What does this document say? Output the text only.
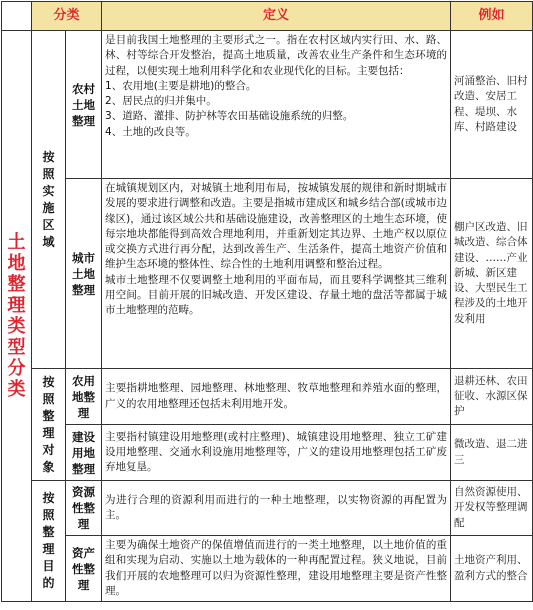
	分类		定义	例如
土地整理类型分类	按照实施区域	农村土地整理	是目前我国土地整理的主要形式之一。指在农村区域内实行田、水、路、林、村等综合开发整治，提高土地质量，改善农业生产条件和生态环境的过程，以便实现土地利用科学化和农业现代化的目标。主要包括：
1、农用地(主要是耕地)的整合。
2、居民点的归并集中。
3、道路、灌排、防护林等农田基础设施系统的归整。
4、土地的改良等。	河涌整治、旧村改造、安居工程、堤坝、水库、村路建设
		城市土地整理	在城镇规划区内，对城镇土地利用布局，按城镇发展的规律和新时期城市发展的要求进行调整和改造。主要是指城市建成区和城乡结合部(或城市边缘区)，通过该区域公共和基础设施建设，改善整理区的土地生态环境，使每宗地块都能得到高效合理地利用，并重新划定其边界、土地产权以原位或交换方式进行再分配，达到改善生产、生活条件，提高土地资产价值和维护生态环境的整体性、综合性的土地利用调整和整治过程。
城市土地整理不仅要调整土地利用的平面布局，而且要科学调整其三维利用空间。目前开展的旧城改造、开发区建设、存量土地的盘活等都属于城市土地整理的范畴。	棚户区改造、旧城改造、综合体建设、……产业新城、新区建设、大型民生工程涉及的土地开发利用
	按照整理对象	农用地整理	主要指耕地整理、园地整理、林地整理、牧草地整理和养殖水面的整理，广义的农用地整理还包括未利用地开发。	退耕还林、农田征收、水源区保护
		建设用地整理	主要指村镇建设用地整理(或村庄整理)、城镇建设用地整理、独立工矿建设用地整理、交通水利设施用地整理等，广义的建设用地整理包括工矿废弃地复垦。	微改造、退二进三
	按照整理目的	资源性整理	为进行合理的资源利用而进行的一种土地整理，以实物资源的再配置为主。	自然资源使用、开发权等整理调配
		资产性整理	主要为确保土地资产的保值增值而进行的一类土地整理，以土地价值的重组和实现为启动、实施以土地为载体的一种再配置过程。狭义地说，目前我们开展的农地整理可以归为资源性整理，建设用地整理主要是资产性整理。	土地资产利用、盈利方式的整合
